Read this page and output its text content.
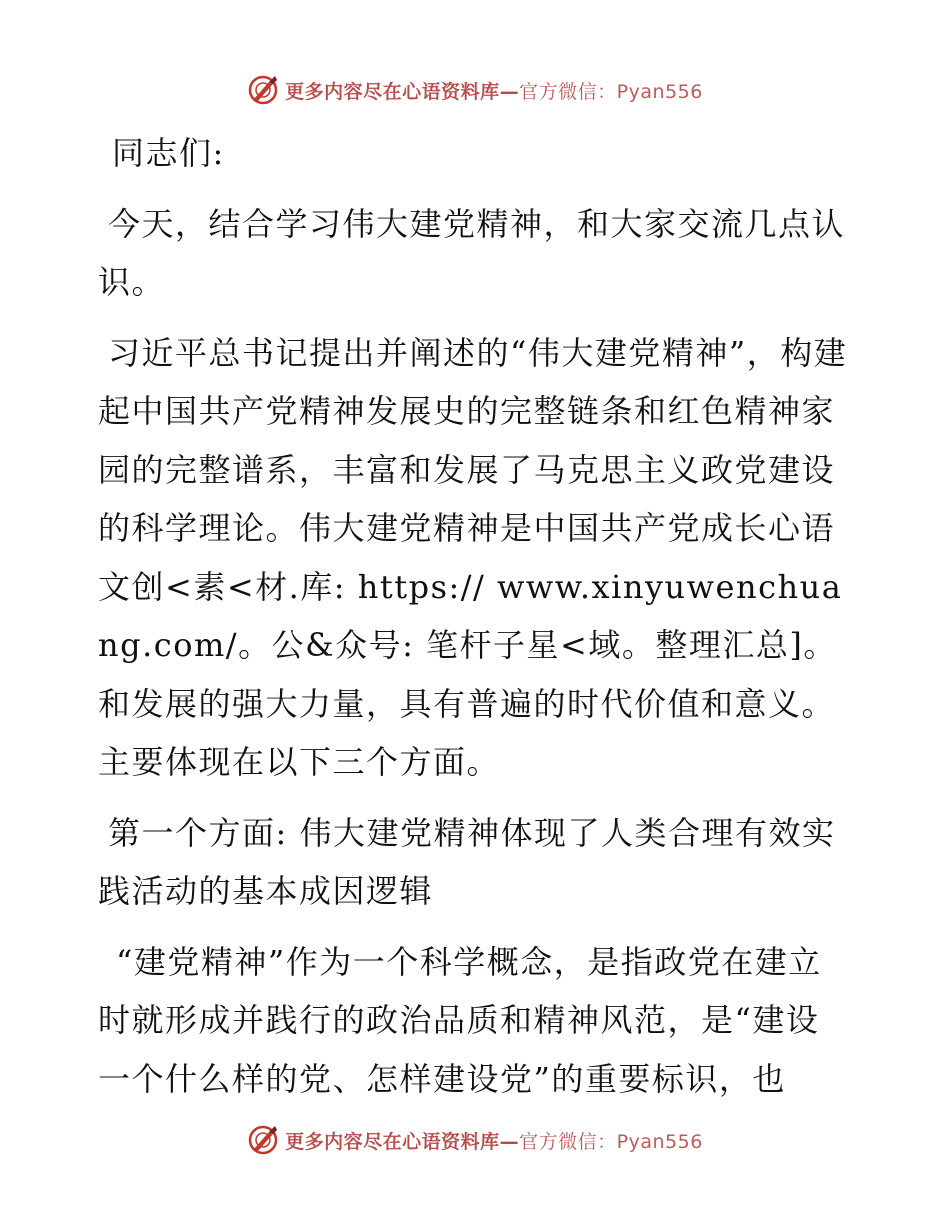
更多内容尽在心语资料库—官方微信：Pyan556

同志们:

今天，结合学习伟大建党精神，和大家交流几点认识。

习近平总书记提出并阐述的“伟大建党精神”，构建起中国共产党精神发展史的完整链条和红色精神家园的完整谱系，丰富和发展了马克思主义政党建设的科学理论。伟大建党精神是中国共产党成长心语文创<素<材.库: https:// www.xinyuwenchuang.com/。公&众号: 笔杆子星<域。整理汇总]。和发展的强大力量，具有普遍的时代价值和意义。主要体现在以下三个方面。

第一个方面: 伟大建党精神体现了人类合理有效实践活动的基本成因逻辑

“建党精神”作为一个科学概念，是指政党在建立时就形成并践行的政治品质和精神风范，是“建设一个什么样的党、怎样建设党”的重要标识，也

更多内容尽在心语资料库—官方微信：Pyan556
